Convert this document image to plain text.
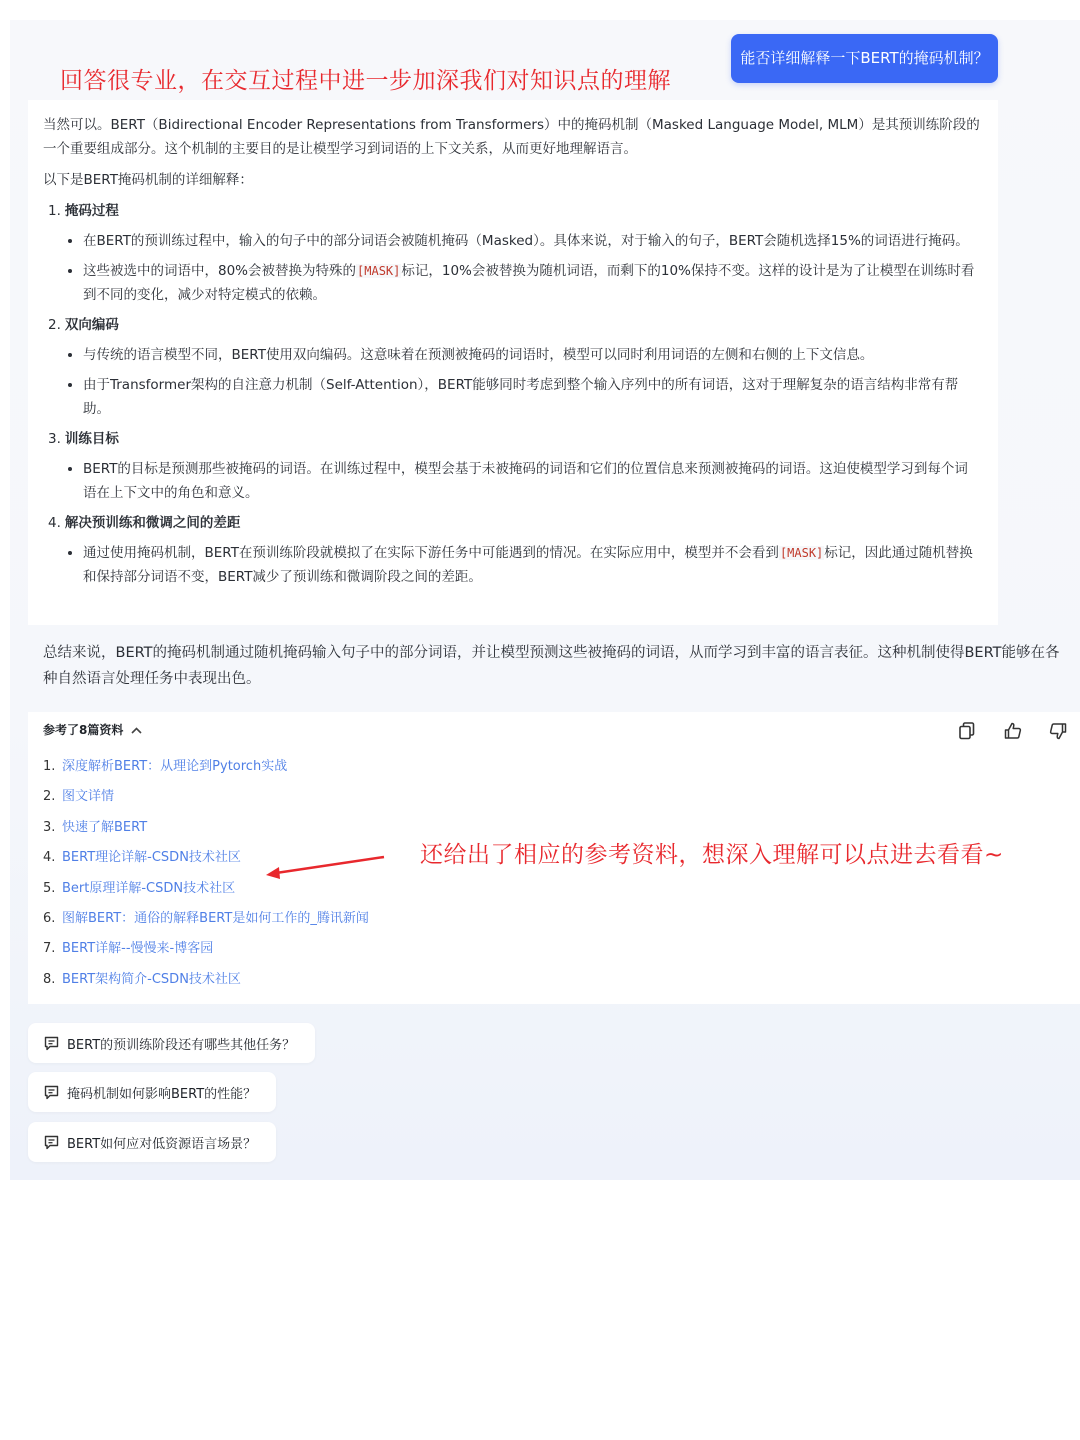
能否详细解释一下BERT的掩码机制？
回答很专业，在交互过程中进一步加深我们对知识点的理解

当然可以。BERT（Bidirectional Encoder Representations from Transformers）中的掩码机制（Masked Language Model, MLM）是其预训练阶段的一个重要组成部分。这个机制的主要目的是让模型学习到词语的上下文关系，从而更好地理解语言。

以下是BERT掩码机制的详细解释：

1. 掩码过程
• 在BERT的预训练过程中，输入的句子中的部分词语会被随机掩码（Masked）。具体来说，对于输入的句子，BERT会随机选择15%的词语进行掩码。
• 这些被选中的词语中，80%会被替换为特殊的[MASK]标记，10%会被替换为随机词语，而剩下的10%保持不变。这样的设计是为了让模型在训练时看到不同的变化，减少对特定模式的依赖。
2. 双向编码
• 与传统的语言模型不同，BERT使用双向编码。这意味着在预测被掩码的词语时，模型可以同时利用词语的左侧和右侧的上下文信息。
• 由于Transformer架构的自注意力机制（Self-Attention），BERT能够同时考虑到整个输入序列中的所有词语，这对于理解复杂的语言结构非常有帮助。
3. 训练目标
• BERT的目标是预测那些被掩码的词语。在训练过程中，模型会基于未被掩码的词语和它们的位置信息来预测被掩码的词语。这迫使模型学习到每个词语在上下文中的角色和意义。
4. 解决预训练和微调之间的差距
• 通过使用掩码机制，BERT在预训练阶段就模拟了在实际下游任务中可能遇到的情况。在实际应用中，模型并不会看到[MASK]标记，因此通过随机替换和保持部分词语不变，BERT减少了预训练和微调阶段之间的差距。
总结来说，BERT的掩码机制通过随机掩码输入句子中的部分词语，并让模型预测这些被掩码的词语，从而学习到丰富的语言表征。这种机制使得BERT能够在各种自然语言处理任务中表现出色。
参考了8篇资料
1. 深度解析BERT：从理论到Pytorch实战
2. 图文详情
3. 快速了解BERT
4. BERT理论详解-CSDN技术社区
5. Bert原理详解-CSDN技术社区
6. 图解BERT：通俗的解释BERT是如何工作的_腾讯新闻
7. BERT详解--慢慢来-博客园
8. BERT架构简介-CSDN技术社区
还给出了相应的参考资料，想深入理解可以点进去看看~
BERT的预训练阶段还有哪些其他任务？
掩码机制如何影响BERT的性能？
BERT如何应对低资源语言场景？
